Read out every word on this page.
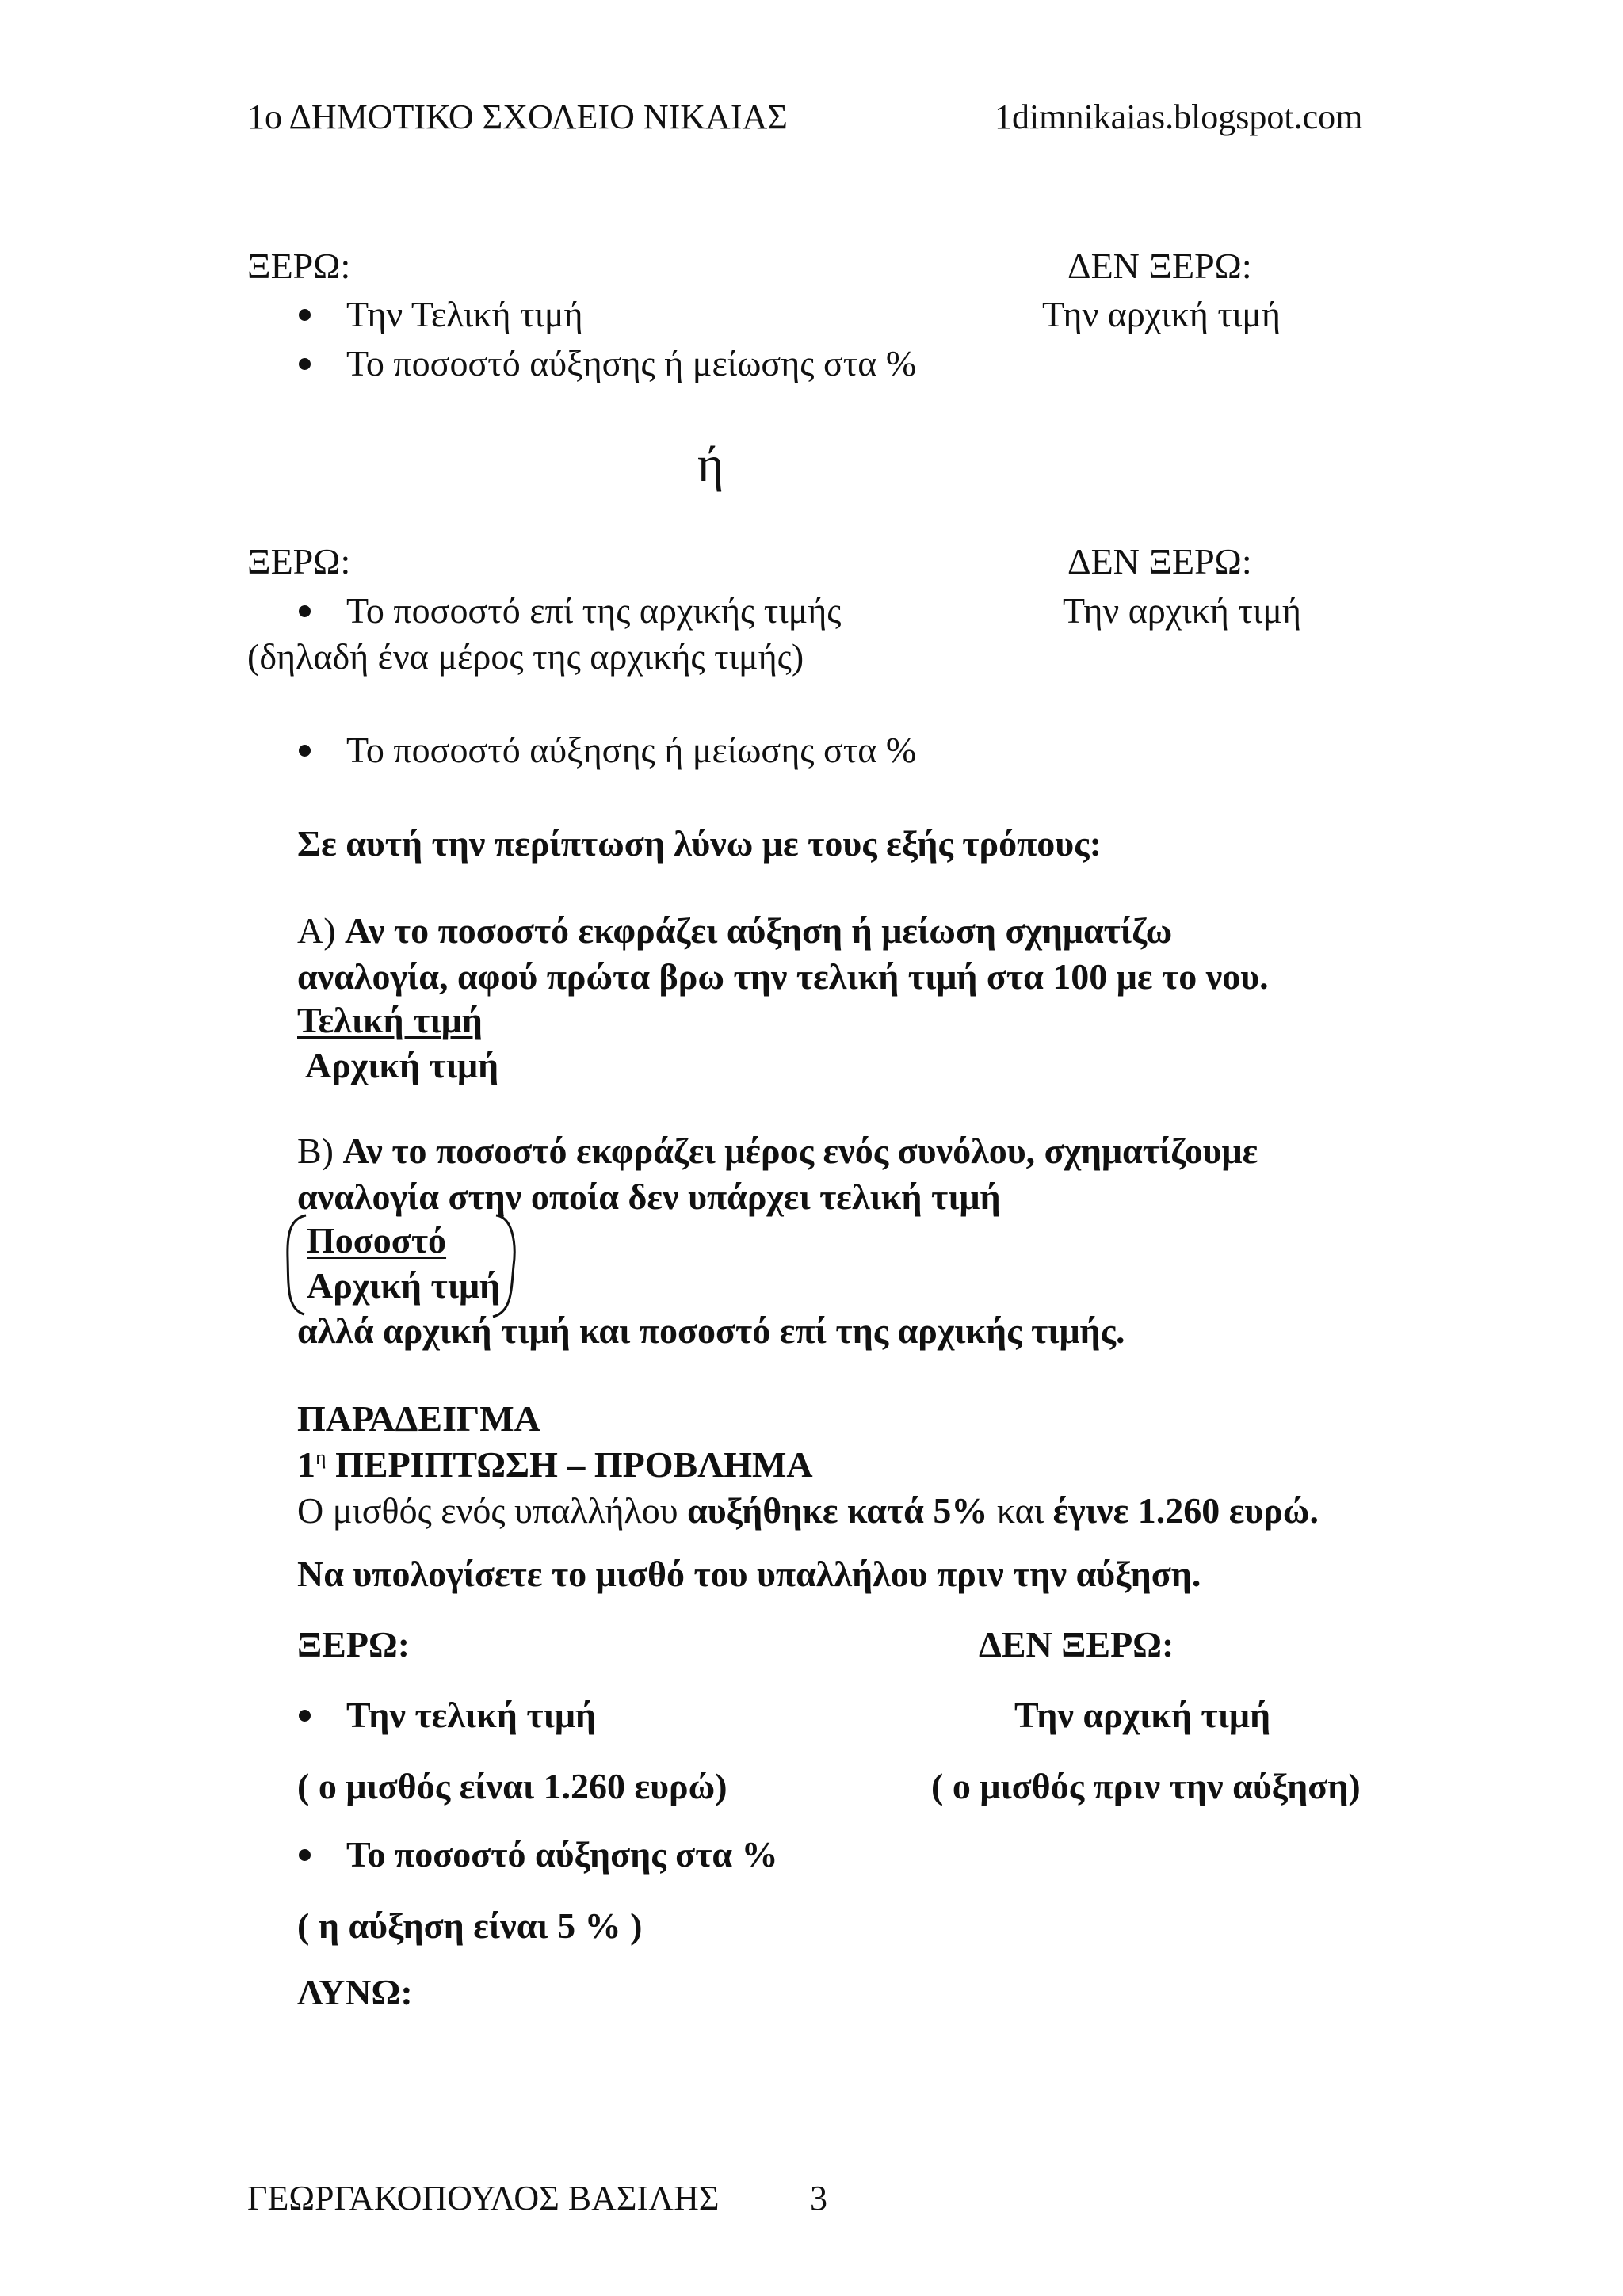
1ο ΔΗΜΟΤΙΚΟ ΣΧΟΛΕΙΟ ΝΙΚΑΙΑΣ	1dimnikaias.blogspot.com
ΞΕΡΩ:	ΔΕΝ ΞΕΡΩ:
Την Τελική τιμή	Την αρχική τιμή
Το ποσοστό αύξησης ή μείωσης στα %
ή
ΞΕΡΩ:	ΔΕΝ ΞΕΡΩ:
Το ποσοστό επί της αρχικής τιμής	Την αρχική τιμή
(δηλαδή ένα μέρος της αρχικής τιμής)
Το ποσοστό αύξησης ή μείωσης στα %
Σε αυτή την περίπτωση λύνω με τους εξής τρόπους:
Α) Αν το ποσοστό εκφράζει αύξηση ή μείωση σχηματίζω
αναλογία, αφού πρώτα βρω την τελική τιμή στα 100 με το νου.
Τελική τιμή
Αρχική τιμή
Β) Αν το ποσοστό εκφράζει μέρος ενός συνόλου, σχηματίζουμε
αναλογία στην οποία δεν υπάρχει τελική τιμή
Ποσοστό
Αρχική τιμή
αλλά αρχική τιμή και ποσοστό επί της αρχικής τιμής.
ΠΑΡΑΔΕΙΓΜΑ
$1^\eta$ ΠΕΡΙΠΤΩΣΗ – ΠΡΟΒΛΗΜΑ
Ο μισθός ενός υπαλλήλου αυξήθηκε κατά 5% και έγινε 1.260 ευρώ.
Να υπολογίσετε το μισθό του υπαλλήλου πριν την αύξηση.
ΞΕΡΩ:	ΔΕΝ ΞΕΡΩ:
Την τελική τιμή	Την αρχική τιμή
( ο μισθός είναι 1.260 ευρώ)	( ο μισθός πριν την αύξηση)
Το ποσοστό αύξησης στα %
( η αύξηση είναι 5 % )
ΛΥΝΩ:
ΓΕΩΡΓΑΚΟΠΟΥΛΟΣ ΒΑΣΙΛΗΣ	3
